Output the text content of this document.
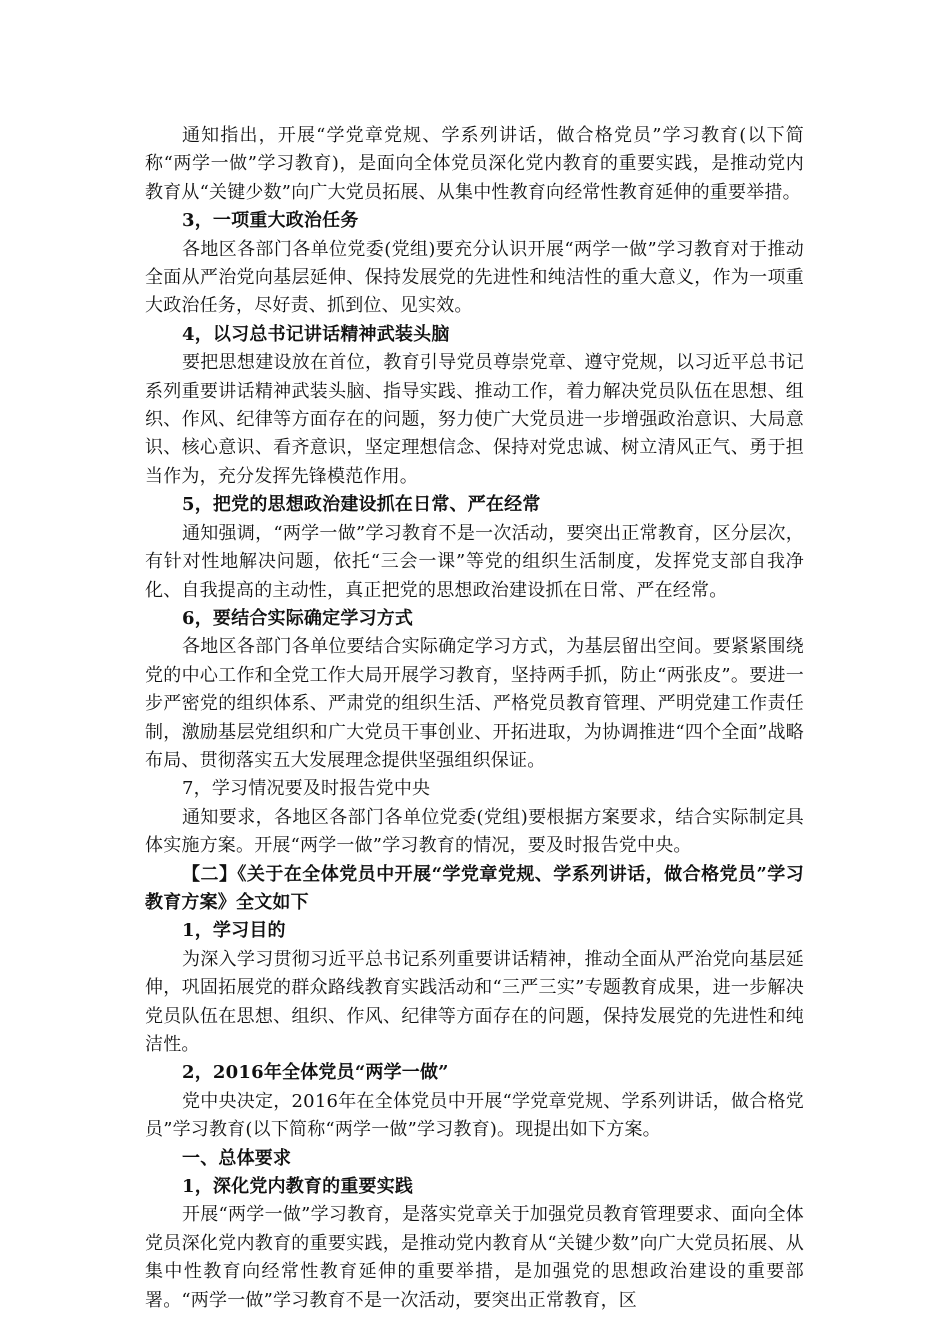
通知指出，开展“学党章党规、学系列讲话，做合格党员”学习教育(以下简称“两学一做”学习教育)，是面向全体党员深化党内教育的重要实践，是推动党内教育从“关键少数”向广大党员拓展、从集中性教育向经常性教育延伸的重要举措。

3，一项重大政治任务

各地区各部门各单位党委(党组)要充分认识开展“两学一做”学习教育对于推动全面从严治党向基层延伸、保持发展党的先进性和纯洁性的重大意义，作为一项重大政治任务，尽好责、抓到位、见实效。

4，以习总书记讲话精神武装头脑

要把思想建设放在首位，教育引导党员尊崇党章、遵守党规，以习近平总书记系列重要讲话精神武装头脑、指导实践、推动工作，着力解决党员队伍在思想、组织、作风、纪律等方面存在的问题，努力使广大党员进一步增强政治意识、大局意识、核心意识、看齐意识，坚定理想信念、保持对党忠诚、树立清风正气、勇于担当作为，充分发挥先锋模范作用。

5，把党的思想政治建设抓在日常、严在经常

通知强调，“两学一做”学习教育不是一次活动，要突出正常教育，区分层次，有针对性地解决问题，依托“三会一课”等党的组织生活制度，发挥党支部自我净化、自我提高的主动性，真正把党的思想政治建设抓在日常、严在经常。

6，要结合实际确定学习方式

各地区各部门各单位要结合实际确定学习方式，为基层留出空间。要紧紧围绕党的中心工作和全党工作大局开展学习教育，坚持两手抓，防止“两张皮”。要进一步严密党的组织体系、严肃党的组织生活、严格党员教育管理、严明党建工作责任制，激励基层党组织和广大党员干事创业、开拓进取，为协调推进“四个全面”战略布局、贯彻落实五大发展理念提供坚强组织保证。

7，学习情况要及时报告党中央

通知要求，各地区各部门各单位党委(党组)要根据方案要求，结合实际制定具体实施方案。开展“两学一做”学习教育的情况，要及时报告党中央。

【二】《关于在全体党员中开展“学党章党规、学系列讲话，做合格党员”学习教育方案》全文如下

1，学习目的

为深入学习贯彻习近平总书记系列重要讲话精神，推动全面从严治党向基层延伸，巩固拓展党的群众路线教育实践活动和“三严三实”专题教育成果，进一步解决党员队伍在思想、组织、作风、纪律等方面存在的问题，保持发展党的先进性和纯洁性。

2，2016年全体党员“两学一做”

党中央决定，2016年在全体党员中开展“学党章党规、学系列讲话，做合格党员”学习教育(以下简称“两学一做”学习教育)。现提出如下方案。

一、总体要求

1，深化党内教育的重要实践

开展“两学一做”学习教育，是落实党章关于加强党员教育管理要求、面向全体党员深化党内教育的重要实践，是推动党内教育从“关键少数”向广大党员拓展、从集中性教育向经常性教育延伸的重要举措，是加强党的思想政治建设的重要部署。“两学一做”学习教育不是一次活动，要突出正常教育，区
